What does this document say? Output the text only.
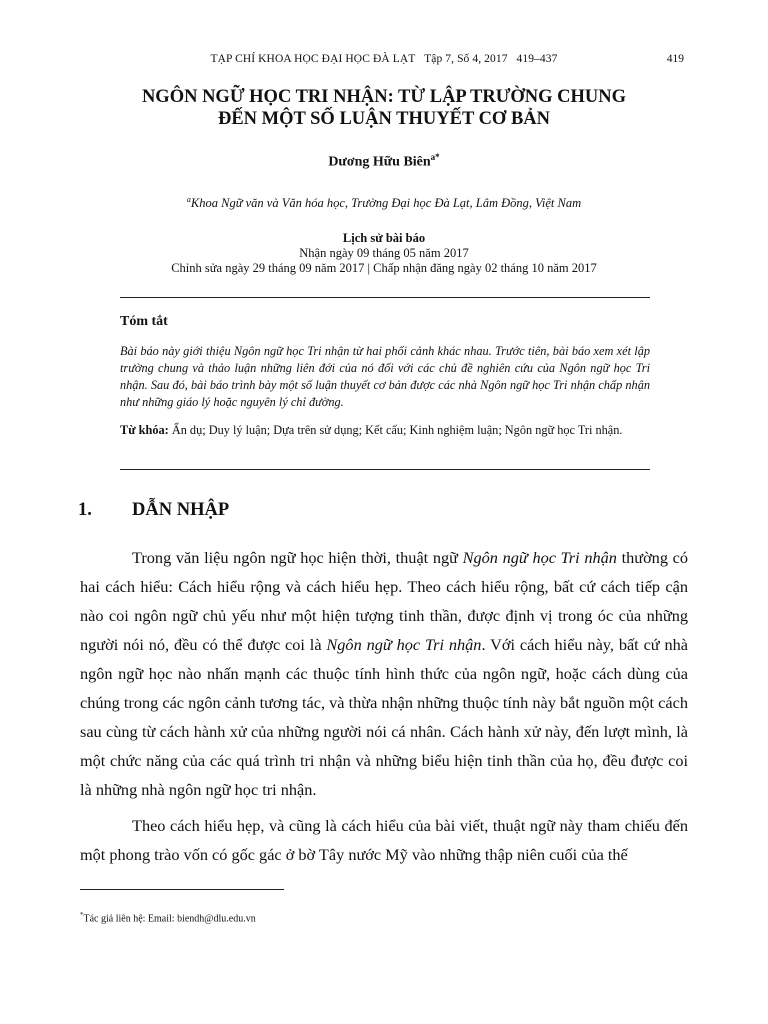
TẠP CHÍ KHOA HỌC ĐẠI HỌC ĐÀ LẠT Tập 7, Số 4, 2017 419–437	419
NGÔN NGỮ HỌC TRI NHẬN: TỪ LẬP TRƯỜNG CHUNG
ĐẾN MỘT SỐ LUẬN THUYẾT CƠ BẢN
Dương Hữu Biên$^{a*}$
$^a$Khoa Ngữ văn và Văn hóa học, Trường Đại học Đà Lạt, Lâm Đồng, Việt Nam
Lịch sử bài báo
Nhận ngày 09 tháng 05 năm 2017
Chỉnh sửa ngày 29 tháng 09 năm 2017 | Chấp nhận đăng ngày 02 tháng 10 năm 2017
Tóm tắt
Bài báo này giới thiệu Ngôn ngữ học Tri nhận từ hai phối cảnh khác nhau. Trước tiên, bài báo xem xét lập trường chung và thảo luận những liên đới của nó đối với các chủ đề nghiên cứu của Ngôn ngữ học Tri nhận. Sau đó, bài báo trình bày một số luận thuyết cơ bản được các nhà Ngôn ngữ học Tri nhận chấp nhận như những giáo lý hoặc nguyên lý chỉ đường.
Từ khóa: Ẩn dụ; Duy lý luận; Dựa trên sử dụng; Kết cấu; Kinh nghiệm luận; Ngôn ngữ học Tri nhận.
1. DẪN NHẬP
Trong văn liệu ngôn ngữ học hiện thời, thuật ngữ Ngôn ngữ học Tri nhận thường có hai cách hiểu: Cách hiểu rộng và cách hiểu hẹp. Theo cách hiểu rộng, bất cứ cách tiếp cận nào coi ngôn ngữ chủ yếu như một hiện tượng tinh thần, được định vị trong óc của những người nói nó, đều có thể được coi là Ngôn ngữ học Tri nhận. Với cách hiểu này, bất cứ nhà ngôn ngữ học nào nhấn mạnh các thuộc tính hình thức của ngôn ngữ, hoặc cách dùng của chúng trong các ngôn cảnh tương tác, và thừa nhận những thuộc tính này bắt nguồn một cách sau cùng từ cách hành xử của những người nói cá nhân. Cách hành xử này, đến lượt mình, là một chức năng của các quá trình tri nhận và những biểu hiện tinh thần của họ, đều được coi là những nhà ngôn ngữ học tri nhận.
Theo cách hiểu hẹp, và cũng là cách hiểu của bài viết, thuật ngữ này tham chiếu đến một phong trào vốn có gốc gác ở bờ Tây nước Mỹ vào những thập niên cuối của thế
*Tác giả liên hệ: Email: biendh@dlu.edu.vn
